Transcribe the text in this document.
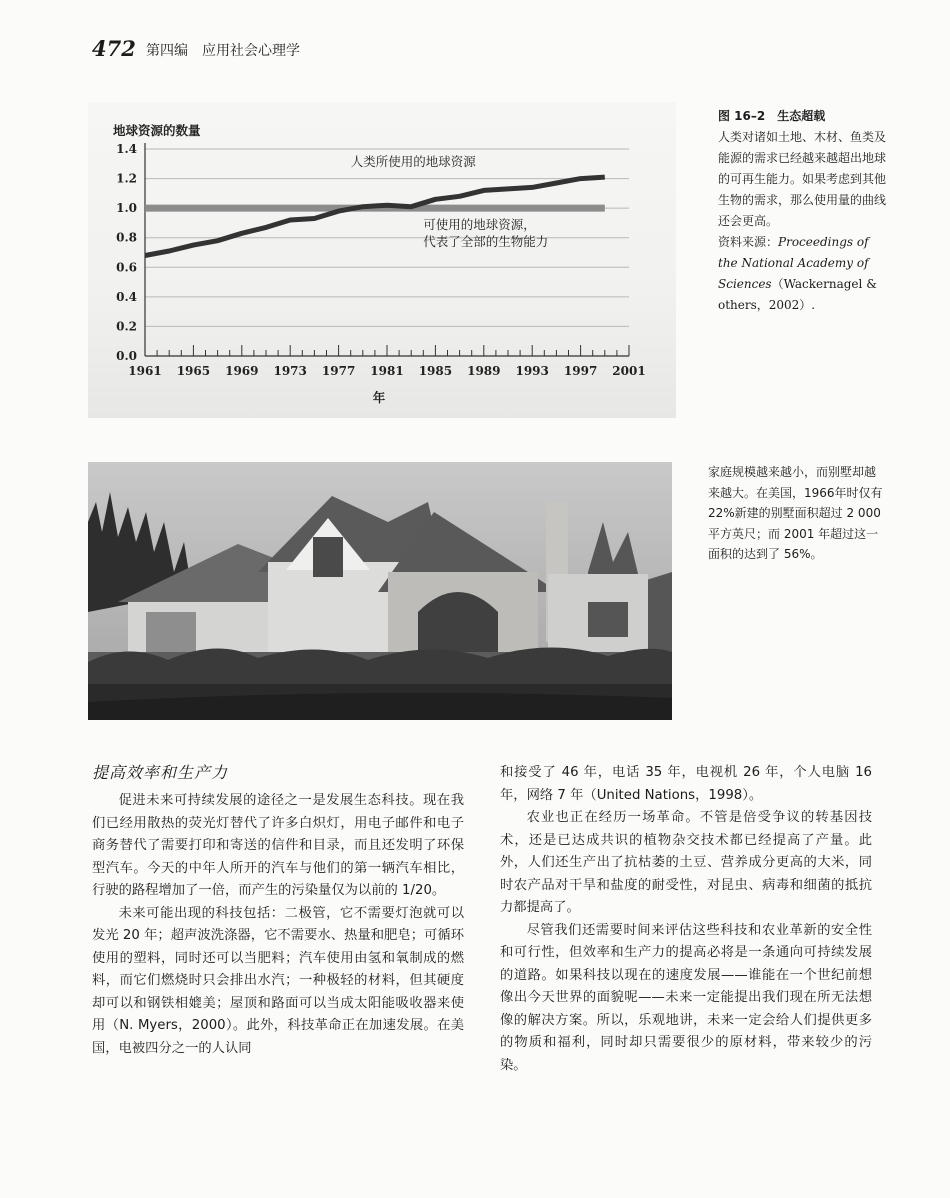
472 第四编　应用社会心理学
0.0
0.2
0.4
0.6
0.8
1.0
1.2
1.4
1961 1965 1969 1973 1977 1981 1985 1989 1993 1997 2001
地球资源的数量
年
人类所使用的地球资源
可使用的地球资源，
代表了全部的生物能力
图 16–2　生态超载
人类对诸如土地、木材、鱼类及能源的需求已经越来越超出地球的可再生能力。如果考虑到其他生物的需求，那么使用量的曲线还会更高。
资料来源：Proceedings of the National Academy of Sciences（Wackernagel & others，2002）.
家庭规模越来越小，而别墅却越来越大。在美国，1966年时仅有 22%新建的别墅面积超过 2 000 平方英尺；而 2001 年超过这一面积的达到了 56%。
提高效率和生产力

促进未来可持续发展的途径之一是发展生态科技。现在我们已经用散热的荧光灯替代了许多白炽灯，用电子邮件和电子商务替代了需要打印和寄送的信件和目录，而且还发明了环保型汽车。今天的中年人所开的汽车与他们的第一辆汽车相比，行驶的路程增加了一倍，而产生的污染量仅为以前的 1/20。

未来可能出现的科技包括：二极管，它不需要灯泡就可以发光 20 年；超声波洗涤器，它不需要水、热量和肥皂；可循环使用的塑料，同时还可以当肥料；汽车使用由氢和氧制成的燃料，而它们燃烧时只会排出水汽；一种极轻的材料，但其硬度却可以和钢铁相媲美；屋顶和路面可以当成太阳能吸收器来使用（N. Myers，2000）。此外，科技革命正在加速发展。在美国，电被四分之一的人认同

和接受了 46 年，电话 35 年，电视机 26 年，个人电脑 16 年，网络 7 年（United Nations，1998）。

农业也正在经历一场革命。不管是倍受争议的转基因技术，还是已达成共识的植物杂交技术都已经提高了产量。此外，人们还生产出了抗枯萎的土豆、营养成分更高的大米，同时农产品对干旱和盐度的耐受性，对昆虫、病毒和细菌的抵抗力都提高了。

尽管我们还需要时间来评估这些科技和农业革新的安全性和可行性，但效率和生产力的提高必将是一条通向可持续发展的道路。如果科技以现在的速度发展——谁能在一个世纪前想像出今天世界的面貌呢——未来一定能提出我们现在所无法想像的解决方案。所以，乐观地讲，未来一定会给人们提供更多的物质和福利，同时却只需要很少的原材料，带来较少的污染。
